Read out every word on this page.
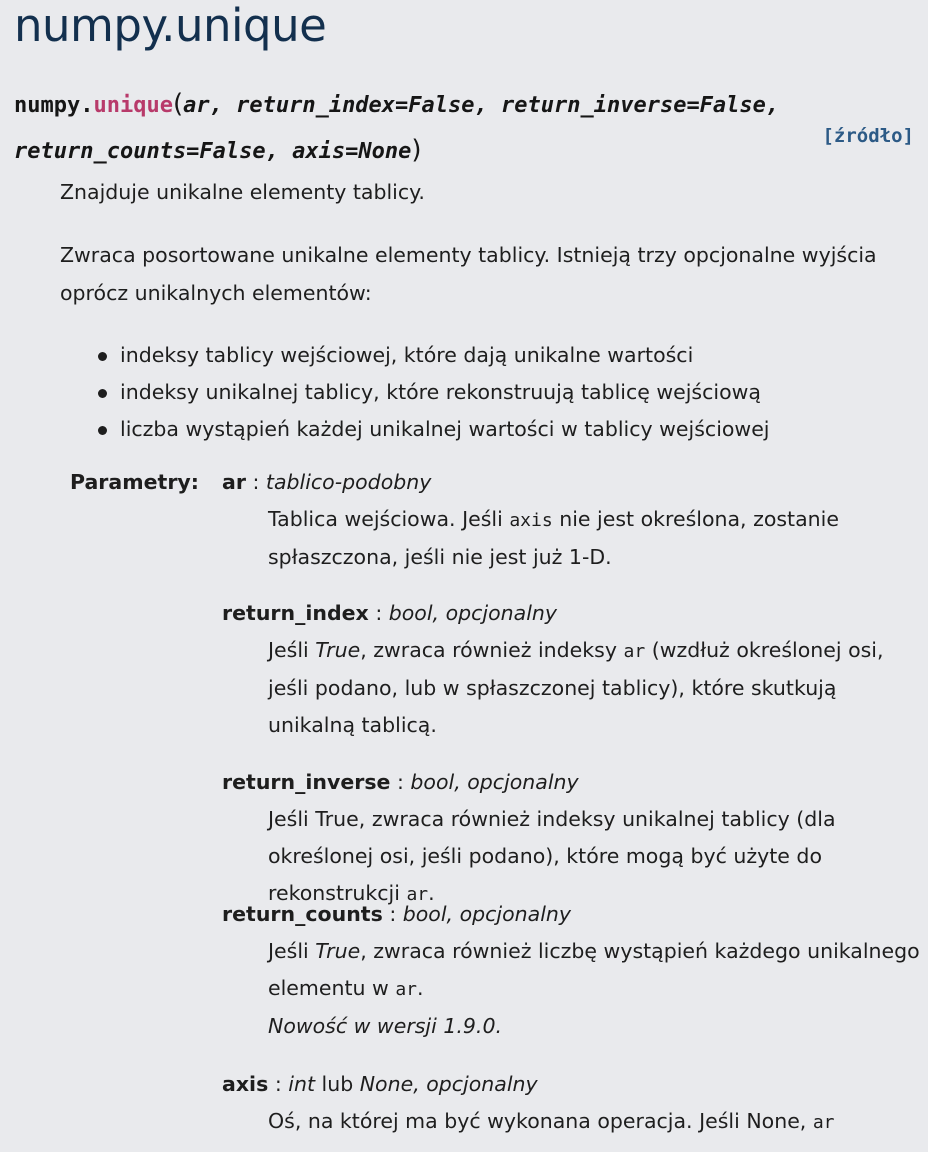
numpy.unique
numpy.unique(ar, return_index=False, return_inverse=False,
return_counts=False, axis=None)	[źródło]
Znajduje unikalne elementy tablicy.
Zwraca posortowane unikalne elementy tablicy. Istnieją trzy opcjonalne wyjścia oprócz unikalnych elementów:
indeksy tablicy wejściowej, które dają unikalne wartości
indeksy unikalnej tablicy, które rekonstruują tablicę wejściową
liczba wystąpień każdej unikalnej wartości w tablicy wejściowej
Parametry: ar : tablico-podobny
Tablica wejściowa. Jeśli axis nie jest określona, zostanie spłaszczona, jeśli nie jest już 1-D.
return_index : bool, opcjonalny
Jeśli True, zwraca również indeksy ar (wzdłuż określonej osi, jeśli podano, lub w spłaszczonej tablicy), które skutkują unikalną tablicą.
return_inverse : bool, opcjonalny
Jeśli True, zwraca również indeksy unikalnej tablicy (dla określonej osi, jeśli podano), które mogą być użyte do rekonstrukcji ar.
return_counts : bool, opcjonalny
Jeśli True, zwraca również liczbę wystąpień każdego unikalnego elementu w ar.
Nowość w wersji 1.9.0.
axis : int lub None, opcjonalny
Oś, na której ma być wykonana operacja. Jeśli None, ar
